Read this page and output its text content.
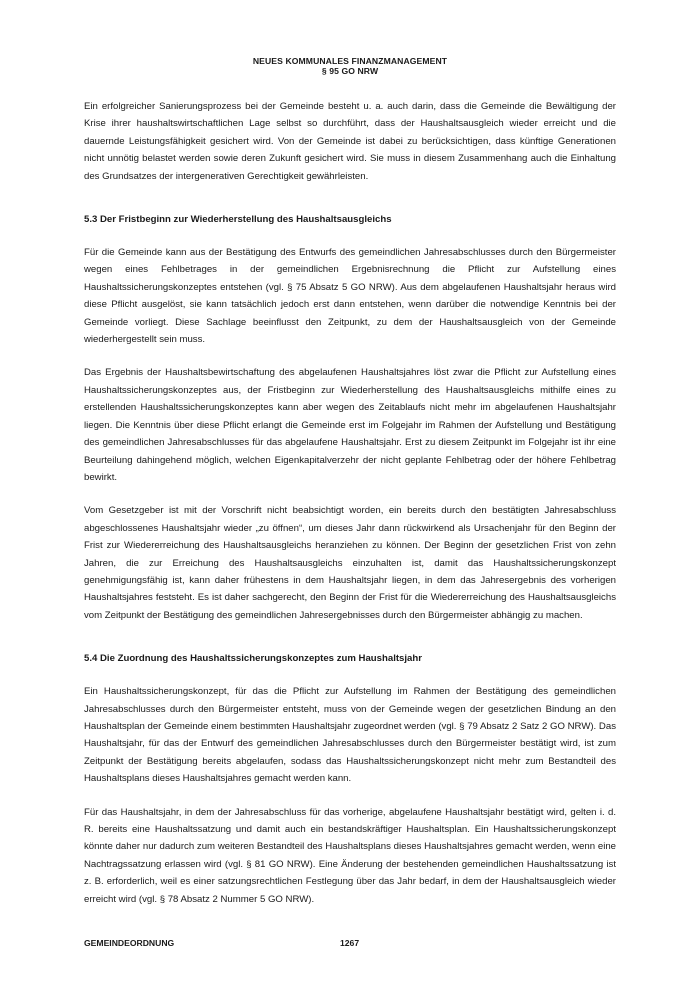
NEUES KOMMUNALES FINANZMANAGEMENT
§ 95 GO NRW

Ein erfolgreicher Sanierungsprozess bei der Gemeinde besteht u. a. auch darin, dass die Gemeinde die Bewältigung der Krise ihrer haushaltswirtschaftlichen Lage selbst so durchführt, dass der Haushaltsausgleich wieder erreicht und die dauernde Leistungsfähigkeit gesichert wird. Von der Gemeinde ist dabei zu berücksichtigen, dass künftige Generationen nicht unnötig belastet werden sowie deren Zukunft gesichert wird. Sie muss in diesem Zusammenhang auch die Einhaltung des Grundsatzes der intergenerativen Gerechtigkeit gewährleisten.

5.3 Der Fristbeginn zur Wiederherstellung des Haushaltsausgleichs

Für die Gemeinde kann aus der Bestätigung des Entwurfs des gemeindlichen Jahresabschlusses durch den Bürgermeister wegen eines Fehlbetrages in der gemeindlichen Ergebnisrechnung die Pflicht zur Aufstellung eines Haushaltssicherungskonzeptes entstehen (vgl. § 75 Absatz 5 GO NRW). Aus dem abgelaufenen Haushaltsjahr heraus wird diese Pflicht ausgelöst, sie kann tatsächlich jedoch erst dann entstehen, wenn darüber die notwendige Kenntnis bei der Gemeinde vorliegt. Diese Sachlage beeinflusst den Zeitpunkt, zu dem der Haushaltsausgleich von der Gemeinde wiederhergestellt sein muss.

Das Ergebnis der Haushaltsbewirtschaftung des abgelaufenen Haushaltsjahres löst zwar die Pflicht zur Aufstellung eines Haushaltssicherungskonzeptes aus, der Fristbeginn zur Wiederherstellung des Haushaltsausgleichs mithilfe eines zu erstellenden Haushaltssicherungskonzeptes kann aber wegen des Zeitablaufs nicht mehr im abgelaufenen Haushaltsjahr liegen. Die Kenntnis über diese Pflicht erlangt die Gemeinde erst im Folgejahr im Rahmen der Aufstellung und Bestätigung des gemeindlichen Jahresabschlusses für das abgelaufene Haushaltsjahr. Erst zu diesem Zeitpunkt im Folgejahr ist ihr eine Beurteilung dahingehend möglich, welchen Eigenkapitalverzehr der nicht geplante Fehlbetrag oder der höhere Fehlbetrag bewirkt.

Vom Gesetzgeber ist mit der Vorschrift nicht beabsichtigt worden, ein bereits durch den bestätigten Jahresabschluss abgeschlossenes Haushaltsjahr wieder „zu öffnen“, um dieses Jahr dann rückwirkend als Ursachenjahr für den Beginn der Frist zur Wiedererreichung des Haushaltsausgleichs heranziehen zu können. Der Beginn der gesetzlichen Frist von zehn Jahren, die zur Erreichung des Haushaltsausgleichs einzuhalten ist, damit das Haushaltssicherungskonzept genehmigungsfähig ist, kann daher frühestens in dem Haushaltsjahr liegen, in dem das Jahresergebnis des vorherigen Haushaltsjahres feststeht. Es ist daher sachgerecht, den Beginn der Frist für die Wiedererreichung des Haushaltsausgleichs vom Zeitpunkt der Bestätigung des gemeindlichen Jahresergebnisses durch den Bürgermeister abhängig zu machen.

5.4 Die Zuordnung des Haushaltssicherungskonzeptes zum Haushaltsjahr

Ein Haushaltssicherungskonzept, für das die Pflicht zur Aufstellung im Rahmen der Bestätigung des gemeindlichen Jahresabschlusses durch den Bürgermeister entsteht, muss von der Gemeinde wegen der gesetzlichen Bindung an den Haushaltsplan der Gemeinde einem bestimmten Haushaltsjahr zugeordnet werden (vgl. § 79 Absatz 2 Satz 2 GO NRW). Das Haushaltsjahr, für das der Entwurf des gemeindlichen Jahresabschlusses durch den Bürgermeister bestätigt wird, ist zum Zeitpunkt der Bestätigung bereits abgelaufen, sodass das Haushaltssicherungskonzept nicht mehr zum Bestandteil des Haushaltsplans dieses Haushaltsjahres gemacht werden kann.

Für das Haushaltsjahr, in dem der Jahresabschluss für das vorherige, abgelaufene Haushaltsjahr bestätigt wird, gelten i. d. R. bereits eine Haushaltssatzung und damit auch ein bestandskräftiger Haushaltsplan. Ein Haushaltssicherungskonzept könnte daher nur dadurch zum weiteren Bestandteil des Haushaltsplans dieses Haushaltsjahres gemacht werden, wenn eine Nachtragssatzung erlassen wird (vgl. § 81 GO NRW). Eine Änderung der bestehenden gemeindlichen Haushaltssatzung ist z. B. erforderlich, weil es einer satzungsrechtlichen Festlegung über das Jahr bedarf, in dem der Haushaltsausgleich wieder erreicht wird (vgl. § 78 Absatz 2 Nummer 5 GO NRW).

GEMEINDEORDNUNG	1267
